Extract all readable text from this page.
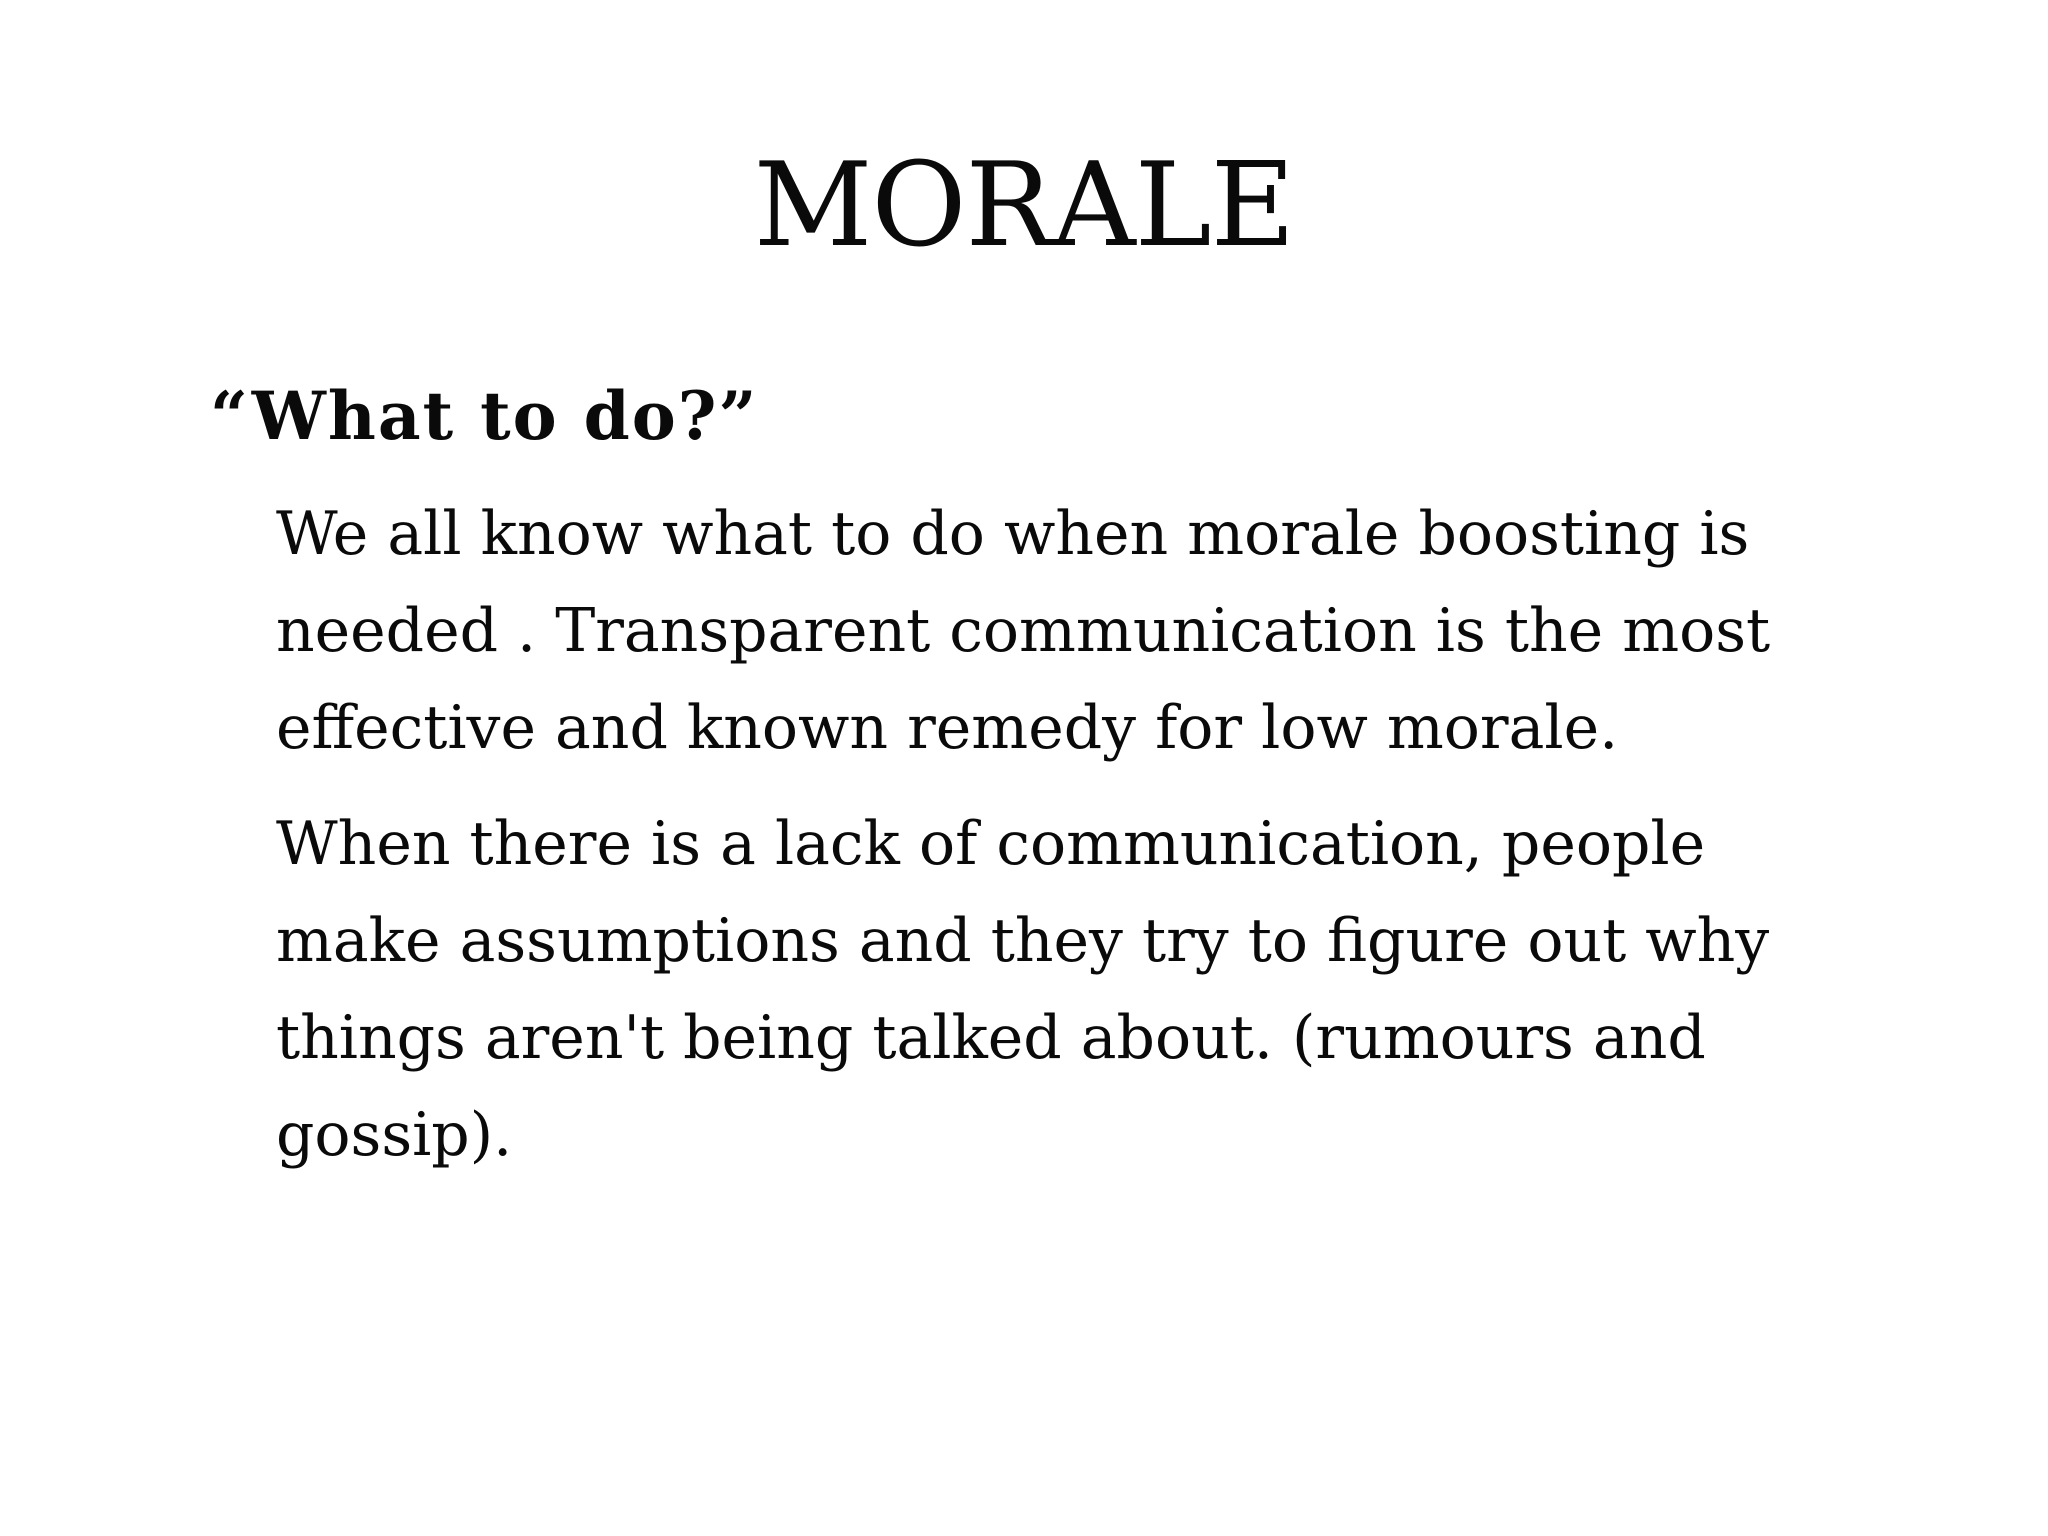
MORALE
“What to do?”

We all know what to do when morale boosting is needed . Transparent communication is the most effective and known remedy for low morale.

When there is a lack of communication, people make assumptions and they try to figure out why things aren't being talked about. (rumours and gossip).
